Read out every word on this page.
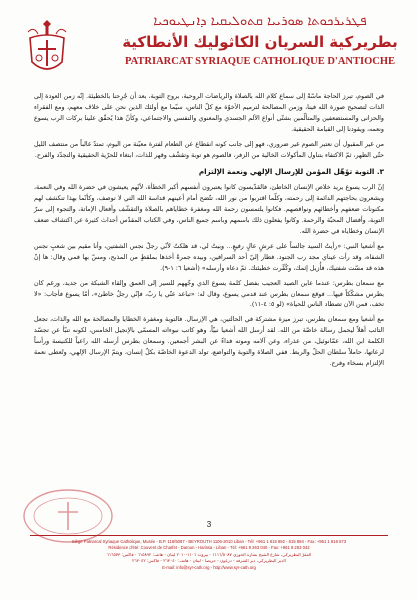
ܦܛܪܝܪܟܘܬܐ ܣܘܪܝܝܐ ܩܬܘܠܝܩܝܐ ܕܐܢܛܝܘܟܝܐ
بطريركية السريان الكاثوليك الأنطاكية
PATRIARCAT SYRIAQUE CATHOLIQUE D'ANTIOCHE

في الصوم، تبرز الحاجة ماسّةً إلى سماع كلام الله بالصلاة والرياضات الروحية، بروح التوبة، بعد أن جُرِحنا بالخطيئة. إنّه زمن العودة إلى الذات لتصحيح صورة الله فينا، وزمن المصالحة لترميم الأخوّة مع كلّ الناس، سيّما مع أولئك الذين نحن على خلاف معهم، ومع الفقراء والحزانى والمستضعفين والمتألّمين بشتّى أنواع الألم الجسدي والمعنوي والنفسي والاجتماعي، وكأنّ هذا يُحقّق علينا بركات الرب يسوع ونعمه، ويقودنا إلى القيامة الحقيقية.

من غير المقبول أن نعتبر الصوم غير ضروري، فهو إلى جانب كونه انقطاع عن الطعام لفترة معيّنة من اليوم، تمتدّ غالباً من منتصف الليل حتّى الظهر، ثمّ الاكتفاء بتناول المأكولات الخالية من الزفر، فالصوم هو توبة وتقشّف وقهر للذات، ابتغاء للحرّية الحقيقية والتجدّد والفرح.

٣. التوبة تؤهّل المؤمن للإرسال الإلهي ونعمة الإلتزام

إنّ الرب يسوع يريد خلاص الإنسان الخاطئ، فالقدّيسون كانوا يعتبرون أنفسهم أكبر الخطأة، لأنّهم يعيشون في حضرة الله وفي النعمة، ويشعرون بحاجتهم الدائمة إلى رحمته، وكلّما اقتربوا من نور الله، تتّضح أمام أعينهم قداسة الله التي لا توصف، وكأنّما بهذا تنكشف لهم مكنونات ضعفهم وأخطائهم ونواقصهم. فكانوا يلتمسون رحمة الله ومغفرة خطاياهم بالصلاة والتقشّف وأفعال الإماتة، والتجوء إلى سرّ التوبة، وأفضال المحبّة والرحمة. وكانوا يفعلون ذلك باسمهم وباسم جميع الناس، وفي الكتاب المقدّس أحداث كثيرة عن اكتشاف ضعف الإنسان وخطاياه في حضرة الله.

مع أشعيا النبي: «رأيتُ السيد جالساً على عرشٍ عالٍ رفيعٍ... وبيتُ لي، قد هلكتُ لأنّي رجلٌ نجس الشفتين، وأنا مقيم بين شعبٍ نجس الشفاه، وقد رأت عيناي مجد رب الجنود. فطار إليّ أحد السرافين، وبيده جمرةٌ أخذها بملقطٍ من المذبح، ومسّ بها فمي وقال: ها إنّ هذه قد مسّت شفتيك، فأُزيل إثمك، وكُفِّرت خطيئتك. ثمّ دعاه وأرسله» (أشعيا ٦: ١-٩).

مع سمعان بطرس: عندما عاين الصيد العجيب بفضل كلمة يسوع الذي وجّههم للسير إلى العمق وإلقاء الشبكة من جديد، ورغم كان بطرس مشكّكاً فيها... فوقع سمعان بطرس عند قدمي يسوع، وقال له: «تباعد عنّي يا ربّ، فإنّي رجلٌ خاطئ»، أمّا يسوع فأجاب: «لا تخف، فمن الآن تصطاد الناس للحياة» (لو ٥: ٤-١١).

مع أشعيا ومع سمعان بطرس، تبرز ميزة مشتركة في الحالتين، هي الإرسال. فالتوبة ومغفرة الخطايا والمصالحة مع الله والذات، تجعل التائب أهلاً ليحمل رسالة خاصّة من الله. لقد أرسل الله أشعيا نبيّاً، وهو كاتب نبوءاته المسمّى بالإنجيل الخامس، لكونه تنبّأ عن تجسّد الكلمة ابن الله، عمّانوئيل، من عذراء، وعن آلامه وموته فداءً عن البشر أجمعين. وسمعان بطرس أرسله الله راعياً للكنيسة ورأساً لرعاتها، حاملاً سلطان الحلّ والربط. ففي الصلاة والتوبة والتواضع، تولد الدعوة الخاصّة بكلّ إنسان، ويتمّ الإرسال الإلهي، وتُعطى نعمة الإلتزام بسخاء وفرح.

3
Siège Patriarcal Syriaque Catholique, Musée - B.P. 116/5087 - BEYROUTH 1106-2010 Liban - Tél: +961 1 615 892 - 615 894 - Fax: +961 1 616 573
Résidence d'été: Couvent de Charfet - Daroun - Harissa - Liban - Tél: +961 9 263 040 - Fax: +961 9 263 042
المقرّ البطريركي، شارع الشيخ بشارة الخوري ١١١٦/٥٠٨٧ - بيروت ١١٠٦-٢٠١٠ لبنان - هاتف: ٦١٥٨٩٢ - فاكس: ٦١٦٥٧٣
الدير البطريركي، دير الشرفة - درعون - حريصا - لبنان - هاتف: ٢٦٣٠٤٠ - فاكس: ٢٦٣٠٤٢
E-mail: info@syr-cath.org - http://www.syr-cath.org
